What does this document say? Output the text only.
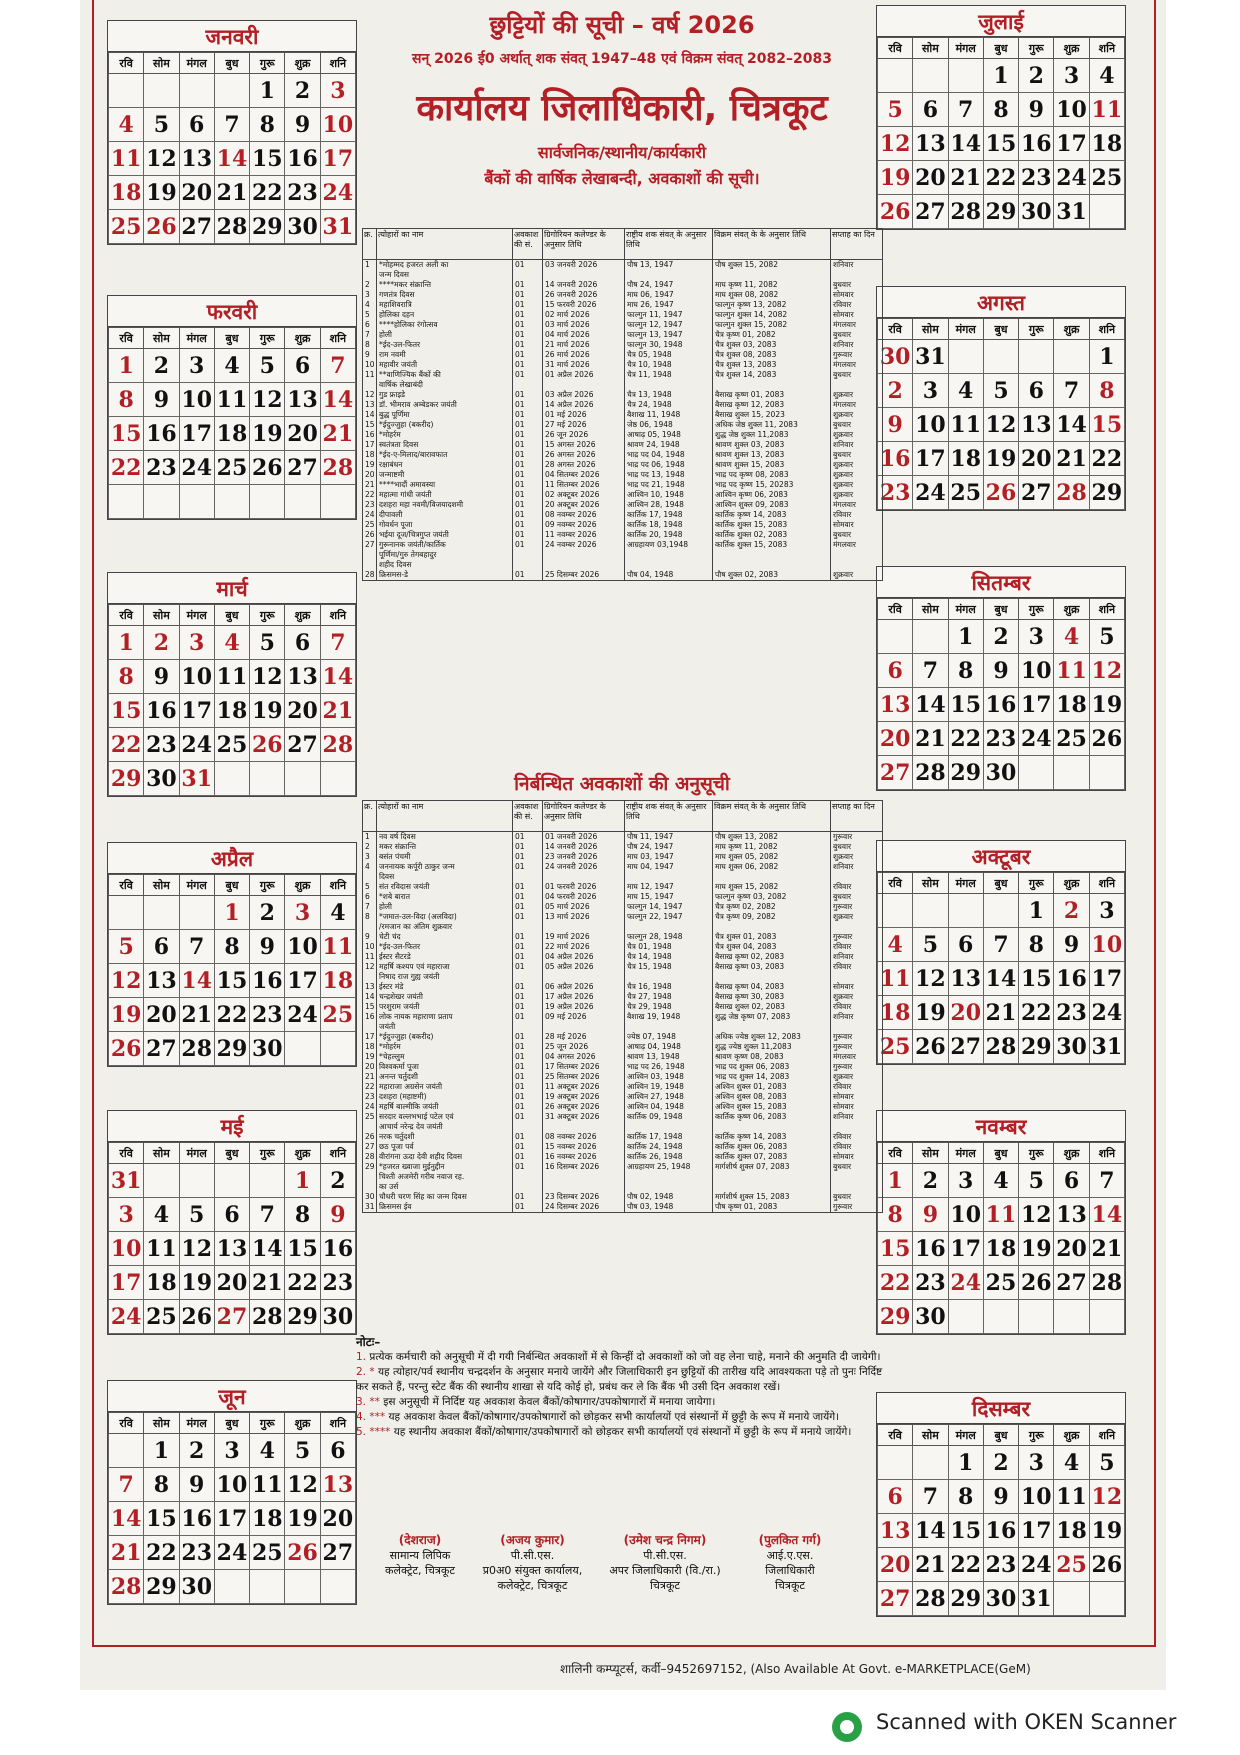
जनवरी
रवि	सोम	मंगल	बुध	गुरू	शुक्र	शनि
				1	2	3
4	5	6	7	8	9	10
11	12	13	14	15	16	17
18	19	20	21	22	23	24
25	26	27	28	29	30	31
फरवरी
रवि	सोम	मंगल	बुध	गुरू	शुक्र	शनि
1	2	3	4	5	6	7
8	9	10	11	12	13	14
15	16	17	18	19	20	21
22	23	24	25	26	27	28

मार्च
रवि	सोम	मंगल	बुध	गुरू	शुक्र	शनि
1	2	3	4	5	6	7
8	9	10	11	12	13	14
15	16	17	18	19	20	21
22	23	24	25	26	27	28
29	30	31				
अप्रैल
रवि	सोम	मंगल	बुध	गुरू	शुक्र	शनि
			1	2	3	4
5	6	7	8	9	10	11
12	13	14	15	16	17	18
19	20	21	22	23	24	25
26	27	28	29	30		
मई
रवि	सोम	मंगल	बुध	गुरू	शुक्र	शनि
31					1	2
3	4	5	6	7	8	9
10	11	12	13	14	15	16
17	18	19	20	21	22	23
24	25	26	27	28	29	30
जून
रवि	सोम	मंगल	बुध	गुरू	शुक्र	शनि
	1	2	3	4	5	6
7	8	9	10	11	12	13
14	15	16	17	18	19	20
21	22	23	24	25	26	27
28	29	30				
जुलाई
रवि	सोम	मंगल	बुध	गुरू	शुक्र	शनि
			1	2	3	4
5	6	7	8	9	10	11
12	13	14	15	16	17	18
19	20	21	22	23	24	25
26	27	28	29	30	31	
अगस्त
रवि	सोम	मंगल	बुध	गुरू	शुक्र	शनि
30	31					1
2	3	4	5	6	7	8
9	10	11	12	13	14	15
16	17	18	19	20	21	22
23	24	25	26	27	28	29
सितम्बर
रवि	सोम	मंगल	बुध	गुरू	शुक्र	शनि
		1	2	3	4	5
6	7	8	9	10	11	12
13	14	15	16	17	18	19
20	21	22	23	24	25	26
27	28	29	30			
अक्टूबर
रवि	सोम	मंगल	बुध	गुरू	शुक्र	शनि
				1	2	3
4	5	6	7	8	9	10
11	12	13	14	15	16	17
18	19	20	21	22	23	24
25	26	27	28	29	30	31
नवम्बर
रवि	सोम	मंगल	बुध	गुरू	शुक्र	शनि
1	2	3	4	5	6	7
8	9	10	11	12	13	14
15	16	17	18	19	20	21
22	23	24	25	26	27	28
29	30					
दिसम्बर
रवि	सोम	मंगल	बुध	गुरू	शुक्र	शनि
		1	2	3	4	5
6	7	8	9	10	11	12
13	14	15	16	17	18	19
20	21	22	23	24	25	26
27	28	29	30	31		
छुट्टियों की सूची – वर्ष 2026
सन् 2026 ई0 अर्थात् शक संवत् 1947–48 एवं विक्रम संवत् 2082–2083
कार्यालय जिलाधिकारी, चित्रकूट
सार्वजनिक/स्थानीय/कार्यकारी
बैंकों की वार्षिक लेखाबन्दी, अवकाशों की सूची।
क्र.	त्योहारों का नाम	अवकाश की सं.	ग्रिगोरियन कलेण्डर के अनुसार तिथि	राष्ट्रीय शक संवत् के अनुसार तिथि	विक्रम संवत् के के अनुसार तिथि	सप्ताह का दिन
1	*मोहम्मद हजरत अली का	01	03 जनवरी 2026	पौष 13, 1947	पौष शुक्ल 15, 2082	शनिवार
	जन्म दिवस					
2	****मकर संक्रान्ति	01	14 जनवरी 2026	पौष 24, 1947	माघ कृष्ण 11, 2082	बुधवार
3	गणतंत्र दिवस	01	26 जनवरी 2026	माघ 06, 1947	माघ शुक्ल 08, 2082	सोमवार
4	महाशिवरात्रि	01	15 फरवरी 2026	माघ 26, 1947	फाल्गुन कृष्ण 13, 2082	रविवार
5	होलिका दहन	01	02 मार्च 2026	फाल्गुन 11, 1947	फाल्गुन शुक्ल 14, 2082	सोमवार
6	****होलिका रंगोत्सव	01	03 मार्च 2026	फाल्गुन 12, 1947	फाल्गुन शुक्ल 15, 2082	मंगलवार
7	होली	01	04 मार्च 2026	फाल्गुन 13, 1947	चैत्र कृष्ण 01, 2082	बुधवार
8	*ईद-उल-फितर	01	21 मार्च 2026	फाल्गुन 30, 1948	चैत्र शुक्ल 03, 2083	शनिवार
9	राम नवमी	01	26 मार्च 2026	चैत्र 05, 1948	चैत्र शुक्ल 08, 2083	गुरूवार
10	महावीर जयंती	01	31 मार्च 2026	चैत्र 10, 1948	चैत्र शुक्ल 13, 2083	मंगलवार
11	**वाणिज्यिक बैंकों की	01	01 अप्रैल 2026	चैत्र 11, 1948	चैत्र शुक्ल 14, 2083	बुधवार
	वार्षिक लेखाबंदी					
12	गुड फ्राइडे	01	03 अप्रैल 2026	चैत्र 13, 1948	बैसाख कृष्ण 01, 2083	शुक्रवार
13	डॉ. भीमराव अम्बेडकर जयंती	01	14 अप्रैल 2026	चैत्र 24, 1948	बैसाख कृष्ण 12, 2083	मंगलवार
14	बुद्ध पूर्णिमा	01	01 मई 2026	बैशाख 11, 1948	बैसाख शुक्ल 15, 2023	शुक्रवार
15	*ईदुज्जुहा (बकरीद)	01	27 मई 2026	जेष्ठ 06, 1948	अधिक जेष्ठ शुक्ल 11, 2083	बुधवार
16	*मोहर्रम	01	26 जून 2026	आषाढ़ 05, 1948	शुद्ध जेष्ठ शुक्ल 11,2083	शुक्रवार
17	स्वतंत्रता दिवस	01	15 अगस्त 2026	श्रावण 24, 1948	श्रावण शुक्ल 03, 2083	शनिवार
18	*ईद-ए-मिलाद/बारावफात	01	26 अगस्त 2026	भाद्र पद 04, 1948	श्रावण शुक्ल 13, 2083	बुधवार
19	रक्षाबंधन	01	28 अगस्त 2026	भाद्र पद 06, 1948	श्रावण शुक्ल 15, 2083	शुक्रवार
20	जन्माष्टमी	01	04 सितम्बर 2026	भाद्र पद 13, 1948	भाद्र पद कृष्ण 08, 2083	शुक्रवार
21	****भादौं अमावस्या	01	11 सितम्बर 2026	भाद्र पद 21, 1948	भाद्र पद कृष्ण 15, 20283	शुक्रवार
22	महात्मा गांधी जयंती	01	02 अक्टूबर 2026	आश्विन 10, 1948	आश्विन कृष्ण 06, 2083	शुक्रवार
23	दशहरा महा नवमी/विजयादशमी	01	20 अक्टूबर 2026	आश्विन 28, 1948	आश्विन शुक्ल 09, 2083	मंगलवार
24	दीपावली	01	08 नवम्बर 2026	कार्तिक 17, 1948	कार्तिक कृष्ण 14, 2083	रविवार
25	गोवर्धन पूजा	01	09 नवम्बर 2026	कार्तिक 18, 1948	कार्तिक शुक्ल 15, 2083	सोमवार
26	भईया दूज/चित्रगुप्त जयंती	01	11 नवम्बर 2026	कार्तिक 20, 1948	कार्तिक शुक्ल 02, 2083	बुधवार
27	गुरूनानक जयंती/कार्तिक	01	24 नवम्बर 2026	आग्रहायण 03,1948	कार्तिक शुक्ल 15, 2083	मंगलवार
	पूर्णिमा/गुरु तेगबहादुर					
	शहीद दिवस					
28	क्रिसमस-डे	01	25 दिसम्बर 2026	पौष 04, 1948	पौष शुक्ल 02, 2083	शुक्रवार
निर्बन्धित अवकाशों की अनुसूची
क्र.	त्योहारों का नाम	अवकाश की सं.	ग्रिगोरियन कलेण्डर के अनुसार तिथि	राष्ट्रीय शक संवत् के अनुसार तिथि	विक्रम संवत् के के अनुसार तिथि	सप्ताह का दिन
1	नव वर्ष दिवस	01	01 जनवरी 2026	पौष 11, 1947	पौष शुक्ल 13, 2082	गुरूवार
2	मकर संक्रान्ति	01	14 जनवरी 2026	पौष 24, 1947	माघ कृष्ण 11, 2082	बुधवार
3	बसंत पंचमी	01	23 जनवरी 2026	माघ 03, 1947	माघ शुक्ल 05, 2082	शुक्रवार
4	जननायक कर्पूरी ठाकुर जन्म	01	24 जनवरी 2026	माघ 04, 1947	माघ शुक्ल 06, 2082	शनिवार
	दिवस					
5	संत रविदास जयंती	01	01 फरवरी 2026	माघ 12, 1947	माघ शुक्ल 15, 2082	रविवार
6	*शबे बारात	01	04 फरवरी 2026	माघ 15, 1947	फाल्गुन कृष्ण 03, 2082	बुधवार
7	होली	01	05 मार्च 2026	फाल्गुन 14, 1947	चैत्र कृष्ण 02, 2082	गुरूवार
8	*जमात-उल-विदा (अलविदा)	01	13 मार्च 2026	फाल्गुन 22, 1947	चैत्र कृष्ण 09, 2082	शुक्रवार
	/रमजान का अंतिम शुक्रवार					
9	चेटी चंद	01	19 मार्च 2026	फाल्गुन 28, 1948	चैत्र शुक्ल 01, 2083	गुरूवार
10	*ईद-उल-फितर	01	22 मार्च 2026	चैत्र 01, 1948	चैत्र शुक्ल 04, 2083	रविवार
11	ईस्टर सैटरडे	01	04 अप्रैल 2026	चैत्र 14, 1948	बैसाख कृष्ण 02, 2083	शनिवार
12	महर्षि कश्यप एवं महाराजा	01	05 अप्रैल 2026	चैत्र 15, 1948	बैसाख कृष्ण 03, 2083	रविवार
	निषाद राज गुह्य जयंती					
13	ईस्टर मंडे	01	06 अप्रैल 2026	चैत्र 16, 1948	बैसाख कृष्ण 04, 2083	सोमवार
14	चन्द्रशेखर जयंती	01	17 अप्रैल 2026	चैत्र 27, 1948	बैसाख कृष्ण 30, 2083	शुक्रवार
15	परशुराम जयंती	01	19 अप्रैल 2026	चैत्र 29, 1948	बैसाख शुक्ल 02, 2083	रविवार
16	लोक नायक महाराणा प्रताप	01	09 मई 2026	बैशाख 19, 1948	शुद्ध जेष्ठ कृष्ण 07, 2083	शनिवार
	जयंती					
17	*ईदुज्जुहा (बकरीद)	01	28 मई 2026	ज्येष्ठ 07, 1948	अधिक ज्येष्ठ शुक्ल 12, 2083	गुरूवार
18	*मोहर्रम	01	25 जून 2026	आषाढ़ 04, 1948	शुद्ध ज्येष्ठ शुक्ल 11,2083	गुरूवार
19	*चेहल्लुम	01	04 अगस्त 2026	श्रावण 13, 1948	श्रावण कृष्ण 08, 2083	मंगलवार
20	विश्वकर्मा पूजा	01	17 सितम्बर 2026	भाद्र पद 26, 1948	भाद्र पद शुक्ल 06, 2083	गुरूवार
21	अनन्त चर्तुदशी	01	25 सितम्बर 2026	आश्विन 03, 1948	भाद्र पद शुक्ल 14, 2083	शुक्रवार
22	महाराजा अग्रसेन जयंती	01	11 अक्टूबर 2026	आश्विन 19, 1948	अश्विन शुक्ल 01, 2083	रविवार
23	दशहरा (महाष्टमी)	01	19 अक्टूबर 2026	आश्विन 27, 1948	अश्विन शुक्ल 08, 2083	सोमवार
24	महर्षि बाल्मीकि जयंती	01	26 अक्टूबर 2026	आश्विन 04, 1948	अश्विन शुक्ल 15, 2083	सोमवार
25	सरदार वल्लभभाई पटेल एवं	01	31 अक्टूबर 2026	कार्तिक 09, 1948	कार्तिक कृष्ण 06, 2083	शनिवार
	आचार्य नरेन्द्र देव जयंती					
26	नरक चर्तुदशी	01	08 नवम्बर 2026	कार्तिक 17, 1948	कार्तिक कृष्ण 14, 2083	रविवार
27	छठ पूजा पर्व	01	15 नवम्बर 2026	कार्तिक 24, 1948	कार्तिक शुक्ल 06, 2083	रविवार
28	वीरांगना ऊदा देवी शहीद दिवस	01	16 नवम्बर 2026	कार्तिक 26, 1948	कार्तिक शुक्ल 07, 2083	सोमवार
29	*हजरत ख्वाजा मुईनुद्दीन	01	16 दिसम्बर 2026	आग्रहायण 25, 1948	मार्गशीर्ष शुक्ल 07, 2083	बुधवार
	चिश्ती अजमेरी गरीब नवाज रह.					
	का उर्स					
30	चौधरी चरण सिंह का जन्म दिवस	01	23 दिसम्बर 2026	पौष 02, 1948	मार्गशीर्ष शुक्ल 15, 2083	बुधवार
31	क्रिसमस ईव	01	24 दिसम्बर 2026	पौष 03, 1948	पौष कृष्ण 01, 2083	गुरूवार
नोटः–
1. प्रत्येक कर्मचारी को अनुसूची में दी गयी निर्बन्धित अवकाशों में से किन्हीं दो अवकाशों को जो वह लेना चाहे, मनाने की अनुमति दी जायेगी।
2. * यह त्योहार/पर्व स्थानीय चन्द्रदर्शन के अनुसार मनाये जायेंगे और जिलाधिकारी इन छुट्टियों की तारीख यदि आवश्यकता पड़े तो पुनः निर्दिष्ट कर सकते हैं, परन्तु स्टेट बैंक की स्थानीय शाखा से यदि कोई हो, प्रबंध कर ले कि बैंक भी उसी दिन अवकाश रखें।
3. ** इस अनुसूची में निर्दिष्ट यह अवकाश केवल बैंकों/कोषागार/उपकोषागारों में मनाया जायेगा।
4. *** यह अवकाश केवल बैंकों/कोषागार/उपकोषागारों को छोड़कर सभी कार्यालयों एवं संस्थानों में छुट्टी के रूप में मनाये जायेंगे।
5. **** यह स्थानीय अवकाश बैंकों/कोषागार/उपकोषागारों को छोड़कर सभी कार्यालयों एवं संस्थानों में छुट्टी के रूप में मनाये जायेंगे।
(देशराज)
सामान्य लिपिक
कलेक्ट्रेट, चित्रकूट
(अजय कुमार)
पी.सी.एस.
प्र0अ0 संयुक्त कार्यालय,
कलेक्ट्रेट, चित्रकूट
(उमेश चन्द्र निगम)
पी.सी.एस.
अपर जिलाधिकारी (वि./रा.)
चित्रकूट
(पुलकित गर्ग)
आई.ए.एस.
जिलाधिकारी
चित्रकूट
शालिनी कम्प्यूटर्स, कर्वी–9452697152, (Also Available At Govt. e-MARKETPLACE(GeM)
Scanned with OKEN Scanner
